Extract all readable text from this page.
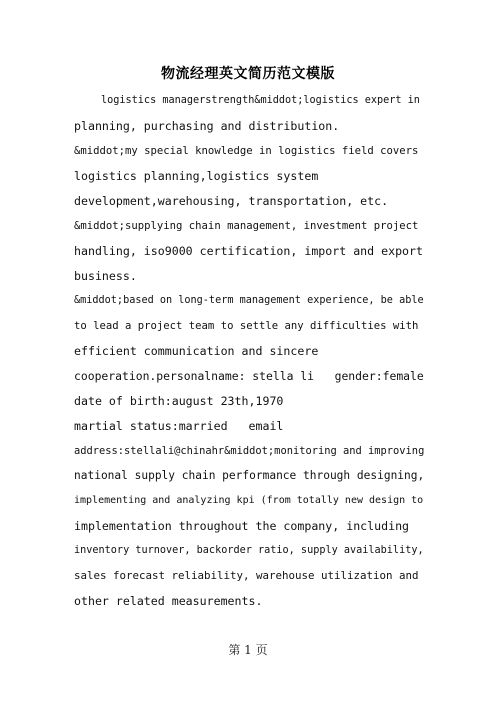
物流经理英文简历范文模版
logistics managerstrength&middot;logistics expert in
planning, purchasing and distribution.
&middot;my special knowledge in logistics field covers
logistics planning,logistics system
development,warehousing, transportation, etc.
&middot;supplying chain management, investment project
handling, iso9000 certification, import and export
business.
&middot;based on long-term management experience, be able
to lead a project team to settle any difficulties with
efficient communication and sincere
cooperation.personalname: stella li   gender:female
date of birth:august 23th,1970
martial status:married   email
address:stellali@chinahr&middot;monitoring and improving
national supply chain performance through designing,
implementing and analyzing kpi (from totally new design to
implementation throughout the company, including
inventory turnover, backorder ratio, supply availability,
sales forecast reliability, warehouse utilization and
other related measurements.
第 1 页
